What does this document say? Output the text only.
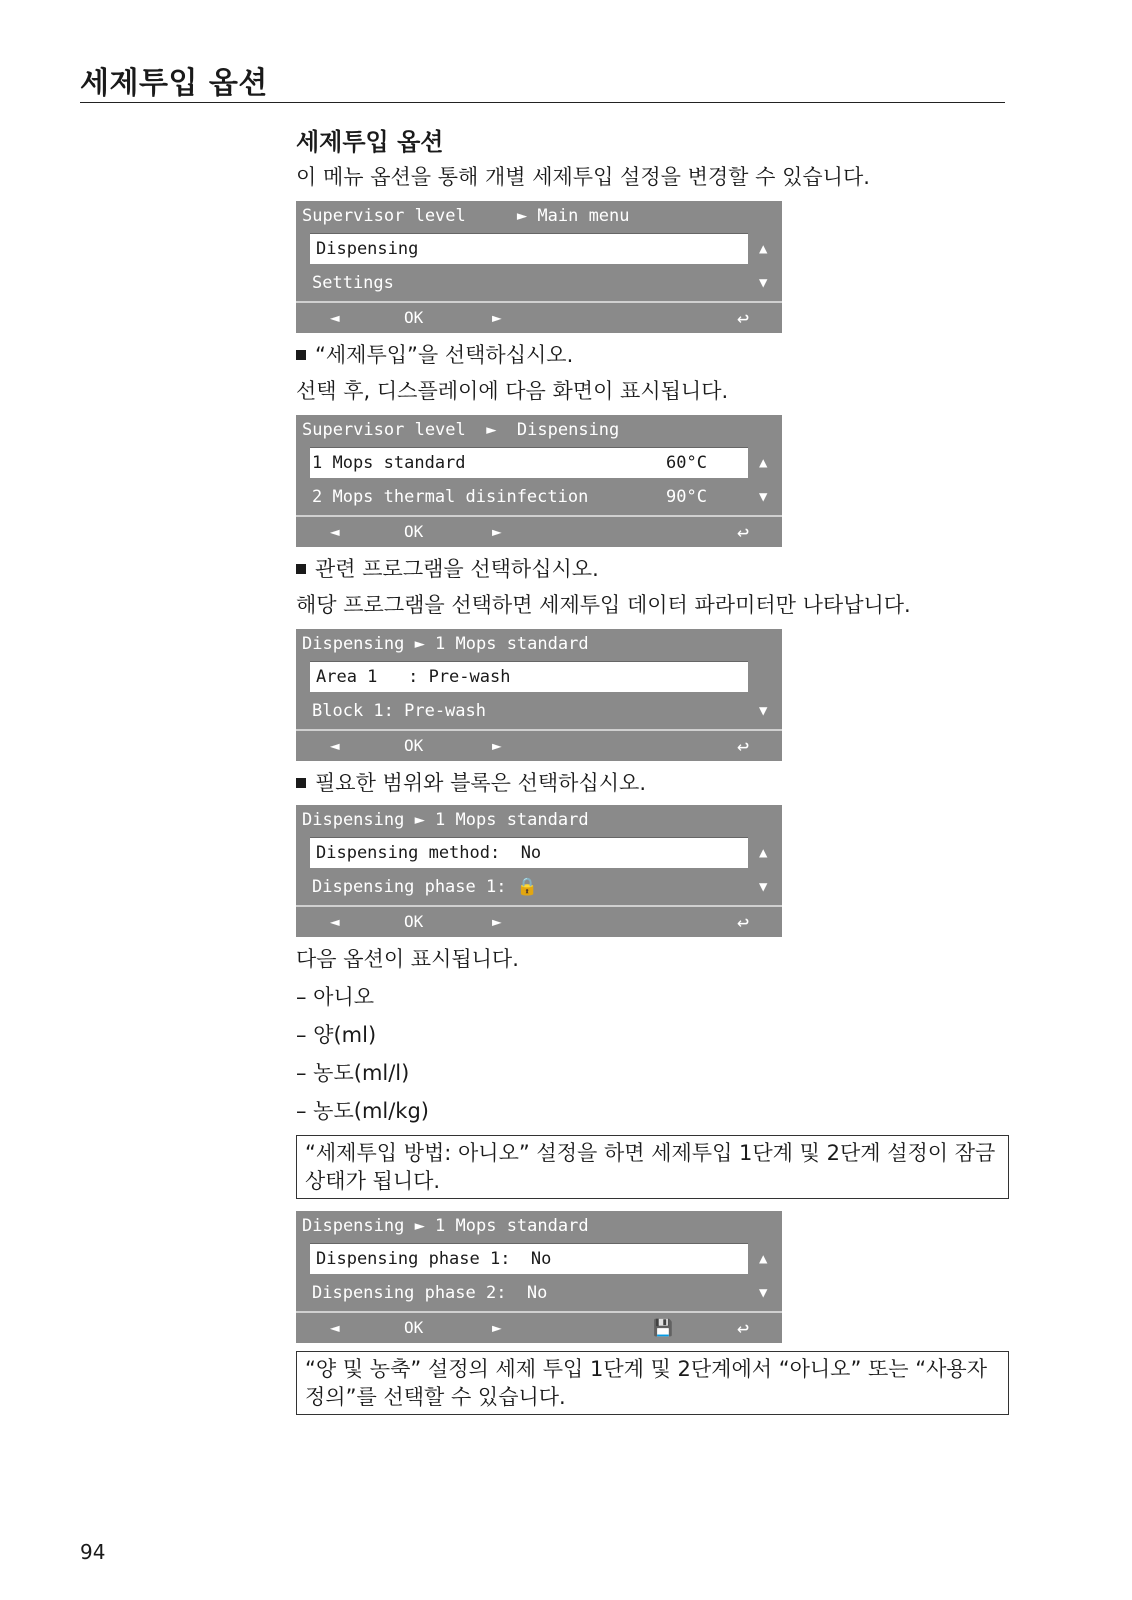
세제투입 옵션
세제투입 옵션

이 메뉴 옵션을 통해 개별 세제투입 설정을 변경할 수 있습니다.

Supervisor level     ► Main menu
Dispensing	▲
Settings	▼
◄	OK	►	↩
“세제투입”을 선택하십시오.

선택 후, 디스플레이에 다음 화면이 표시됩니다.

Supervisor level  ►  Dispensing
1 Mops standard	60°C	▲
2 Mops thermal disinfection	90°C	▼
◄	OK	►	↩
관련 프로그램을 선택하십시오.

해당 프로그램을 선택하면 세제투입 데이터 파라미터만 나타납니다.

Dispensing ► 1 Mops standard
Area 1   : Pre-wash
Block 1: Pre-wash	▼
◄	OK	►	↩
필요한 범위와 블록은 선택하십시오.
Dispensing ► 1 Mops standard
Dispensing method:  No	▲
Dispensing phase 1: 🔒	▼
◄	OK	►	↩

다음 옵션이 표시됩니다.

– 아니오
– 양(ml)
– 농도(ml/l)
– 농도(ml/kg)
“세제투입 방법: 아니오” 설정을 하면 세제투입 1단계 및 2단계 설정이 잠금 상태가 됩니다.
Dispensing ► 1 Mops standard
Dispensing phase 1:  No	▲
Dispensing phase 2:  No	▼
◄	OK	►	💾	↩
“양 및 농축” 설정의 세제 투입 1단계 및 2단계에서 “아니오” 또는 “사용자 정의”를 선택할 수 있습니다.
94
